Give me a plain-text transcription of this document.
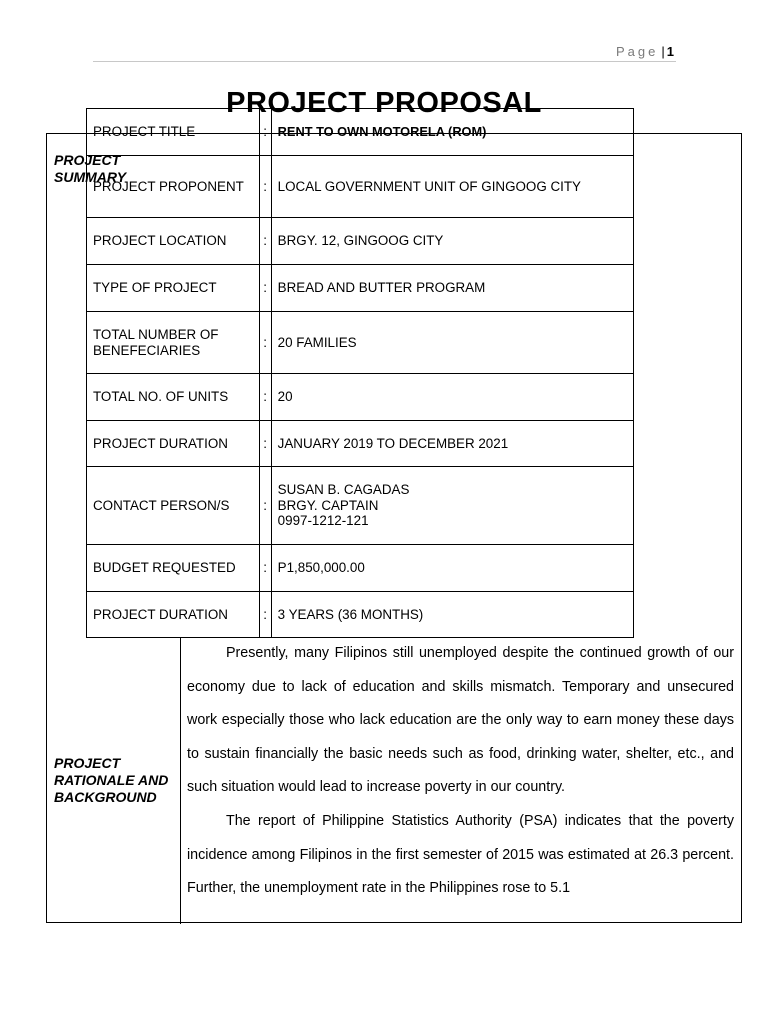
Page | 1
PROJECT SUMMARY
PROJECT RATIONALE AND BACKGROUND
PROJECT TITLE	:	RENT TO OWN MOTORELA (ROM)
PROJECT PROPONENT	:	LOCAL GOVERNMENT UNIT OF GINGOOG CITY
PROJECT LOCATION	:	BRGY. 12, GINGOOG CITY
TYPE OF PROJECT	:	BREAD AND BUTTER PROGRAM
TOTAL NUMBER OF BENEFECIARIES	:	20 FAMILIES
TOTAL NO. OF UNITS	:	20
PROJECT DURATION	:	JANUARY 2019 TO DECEMBER 2021
CONTACT PERSON/S	:	SUSAN B. CAGADAS
BRGY. CAPTAIN
0997-1212-121

BUDGET REQUESTED	:	P1,850,000.00
PROJECT DURATION	:	3 YEARS (36 MONTHS)
PROJECT PROPOSAL

Presently, many Filipinos still unemployed despite the continued growth of our economy due to lack of education and skills mismatch. Temporary and unsecured work especially those who lack education are the only way to earn money these days to sustain financially the basic needs such as food, drinking water, shelter, etc., and such situation would lead to increase poverty in our country.

The report of Philippine Statistics Authority (PSA) indicates that the poverty incidence among Filipinos in the first semester of 2015 was estimated at 26.3 percent. Further, the unemployment rate in the Philippines rose to 5.1
